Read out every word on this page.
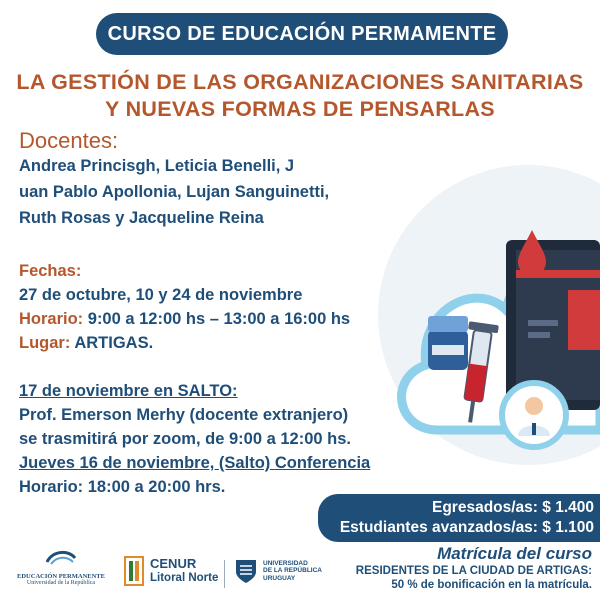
CURSO DE EDUCACIÓN PERMAMENTE
LA GESTIÓN DE LAS ORGANIZACIONES SANITARIAS
Y NUEVAS FORMAS DE PENSARLAS
Docentes:
Andrea Princisgh, Leticia Benelli, J
uan Pablo Apollonia, Lujan Sanguinetti,
Ruth Rosas y Jacqueline Reina
Fechas:
27 de octubre, 10 y 24 de noviembre
Horario: 9:00 a 12:00 hs – 13:00 a 16:00 hs
Lugar: ARTIGAS.
17 de noviembre en SALTO:
Prof. Emerson Merhy (docente extranjero)
se trasmitirá por zoom, de 9:00 a 12:00 hs.
Jueves 16 de noviembre, (Salto) Conferencia
Horario: 18:00 a 20:00 hrs.
Egresados/as: $ 1.400
Estudiantes avanzados/as: $ 1.100
Matrícula del curso
RESIDENTES DE LA CIUDAD DE ARTIGAS:
50 % de bonificación en la matrícula.
EDUCACIÓN PERMANENTE
Universidad de la República
CENUR
Litoral Norte
UNIVERSIDAD
DE LA REPÚBLICA
URUGUAY
